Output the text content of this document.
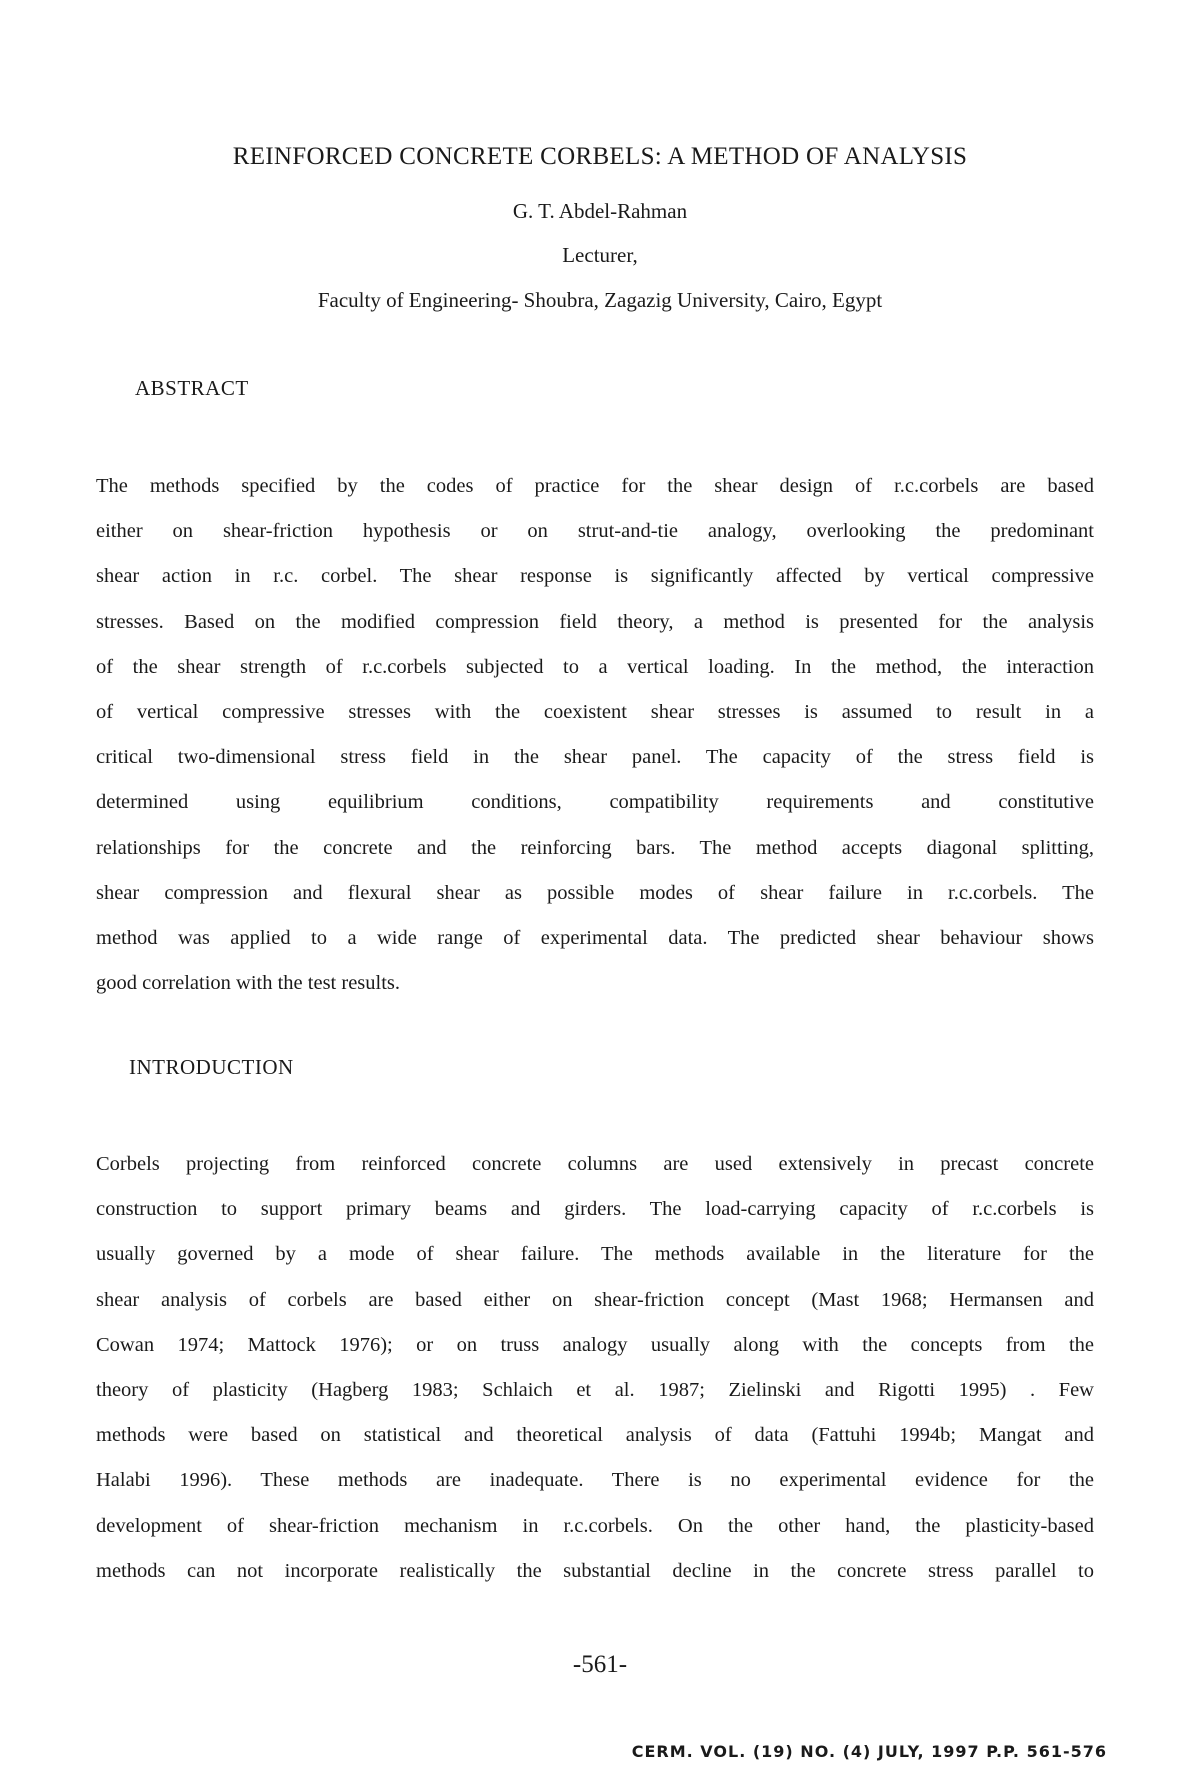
REINFORCED CONCRETE CORBELS: A METHOD OF ANALYSIS
G. T. Abdel-Rahman
Lecturer,
Faculty of Engineering- Shoubra, Zagazig University, Cairo, Egypt
ABSTRACT
The methods specified by the codes of practice for the shear design of r.c.corbels are based
either on shear-friction hypothesis or on strut-and-tie analogy, overlooking the predominant
shear action in r.c. corbel. The shear response is significantly affected by vertical compressive
stresses. Based on the modified compression field theory, a method is presented for the analysis
of the shear strength of r.c.corbels subjected to a vertical loading. In the method, the interaction
of vertical compressive stresses with the coexistent shear stresses is assumed to result in a
critical two-dimensional stress field in the shear panel. The capacity of the stress field is
determined using equilibrium conditions, compatibility requirements and constitutive
relationships for the concrete and the reinforcing bars. The method accepts diagonal splitting,
shear compression and flexural shear as possible modes of shear failure in r.c.corbels. The
method was applied to a wide range of experimental data. The predicted shear behaviour shows
good correlation with the test results.
INTRODUCTION
Corbels projecting from reinforced concrete columns are used extensively in precast concrete
construction to support primary beams and girders. The load-carrying capacity of r.c.corbels is
usually governed by a mode of shear failure. The methods available in the literature for the
shear analysis of corbels are based either on shear-friction concept (Mast 1968; Hermansen and
Cowan 1974; Mattock 1976); or on truss analogy usually along with the concepts from the
theory of plasticity (Hagberg 1983; Schlaich et al. 1987; Zielinski and Rigotti 1995) . Few
methods were based on statistical and theoretical analysis of data (Fattuhi 1994b; Mangat and
Halabi 1996). These methods are inadequate. There is no experimental evidence for the
development of shear-friction mechanism in r.c.corbels. On the other hand, the plasticity-based
methods can not incorporate realistically the substantial decline in the concrete stress parallel to
-561-
CERM. VOL. (19) NO. (4) JULY, 1997 P.P. 561-576
